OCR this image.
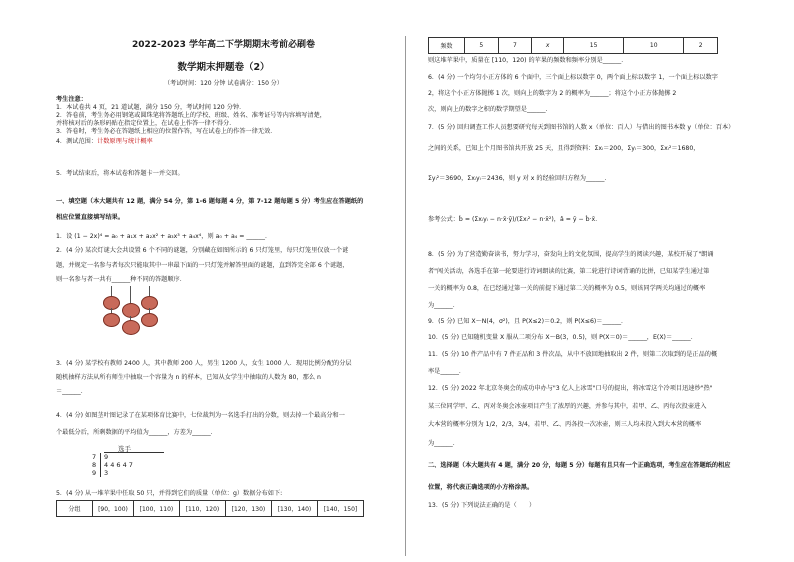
2022-2023 学年高二下学期期末考前必刷卷
数学期末押题卷（2）
（考试时间：120 分钟 试卷满分：150 分）
考生注意：
1．本试卷共 4 页，21 道试题，满分 150 分，考试时间 120 分钟．
2．答卷前，考生务必用钢笔或圆珠笔将答题纸上的学校、班级、姓名、准考证号等内容填写清楚，
并将核对后的条形码贴在指定位置上，在试卷上作答一律不得分．
3．答卷时，考生务必在答题纸上相应的位置作答，写在试卷上的作答一律无效．
4．测试范围：计数原理与统计概率
5．考试结束后，将本试卷和答题卡一并交回。
一、填空题（本大题共有 12 题，满分 54 分，第 1-6 题每题 4 分，第 7-12 题每题 5 分）考生应在答题纸的
相应位置直接填写结果。
1．设 (1 − 2x)⁴ = a₀ + a₁x + a₂x² + a₃x³ + a₄x⁴，则 a₀ + a₄ = ______．
2．(4 分) 某次灯谜大会共设置 6 个不同的谜题，分别藏在如图所示的 6 只灯笼里，每只灯笼里仅放一个谜
题，并规定一名参与者每次只能取其中一串最下面的一只灯笼并解答里面的谜题，直到答完全部 6 个谜题，
则一名参与者一共有______种不同的答题顺序．
3．(4 分) 某学校有教师 2400 人，其中教师 200 人，男生 1200 人，女生 1000 人．现用比例分配的分层
随机抽样方法从所有师生中抽取一个容量为 n 的样本，已知从女学生中抽取的人数为 80，那么 n
＝______．
4．(4 分) 如图茎叶图记录了在某项体育比赛中，七位裁判为一名选手打出的分数，则去掉一个最高分和一
个最低分后，所剩数据的平均值为______，方差为______．
选手
7 9
8 4 4 6 4 7
9 3
5．(4 分) 从一堆苹果中任取 50 只，并得到它们的质量（单位：g）数据分布如下:
分组	[90，100)	[100，110)	[110，120)	[120，130)	[130，140)	[140，150]
频数	5	7	x	15	10	2
则这堆苹果中，质量在 [110，120) 的苹果的频数和频率分别是______．
6．(4 分) 一个均匀小正方体的 6 个面中，三个面上标以数字 0，两个面上标以数字 1，一个面上标以数字
2，将这个小正方体抛掷 1 次，则向上的数字为 2 的概率为______；将这个小正方体抛掷 2
次，则向上的数字之积的数学期望是______．
7．(5 分) 回归调查工作人员想要研究每天到图书馆的人数 x（单位：百人）与借出的图书本数 y（单位：百本）
之间的关系，已知上个月图书馆共开放 25 天，且得到资料：Σxᵢ＝200，Σyᵢ＝300，Σxᵢ²＝1680，
Σyᵢ²＝3690，Σxᵢyᵢ＝2436，则 y 对 x 的经验回归方程为______．
参考公式：b̂ = (Σxᵢyᵢ − n·x̄·ȳ)/(Σxᵢ² − n·x̄²)，â = ȳ − b̂·x̄．
8．(5 分) 为了营造勤奋读书，努力学习，奋发向上的文化氛围，提高学生的阅读兴趣，某校开展了"朗诵
者"闯关活动，各选手在第一轮要进行诗词朗读的比赛，第二轮进行诗词背诵的比拼，已知某学生通过第
一关的概率为 0.8，在已经通过第一关的前提下通过第二关的概率为 0.5，则该同学两关均通过的概率
为______．
9．(5 分) 已知 X～N(4，σ²)，且 P(X≤2)＝0.2，则 P(X≤6)＝______．
10．(5 分) 已知随机变量 X 服从二项分布 X～B(3，0.5)，则 P(X＝0)＝______，E(X)＝______．
11．(5 分) 10 件产品中有 7 件正品和 3 件次品，从中不放回地抽取出 2 件，则第二次取到的是正品的概
率是______．
12．(5 分) 2022 年北京冬奥会的成功申办与"3 亿人上冰雪"口号的提出，将冰雪这个冷项目迅速炒"热"
某三位同学甲、乙、丙对冬奥会冰壶项目产生了浓厚的兴趣，并参与其中，若甲、乙、丙每次投壶进入
大本营的概率分别为 1/2，2/3，3/4，若甲、乙、丙各投一次冰壶，则三人均未投入到大本营的概率
为______．
二、选择题（本大题共有 4 题，满分 20 分，每题 5 分）每题有且只有一个正确选项，考生应在答题纸的相应
位置，将代表正确选项的小方格涂黑。
13．(5 分) 下列说法正确的是（　　）
